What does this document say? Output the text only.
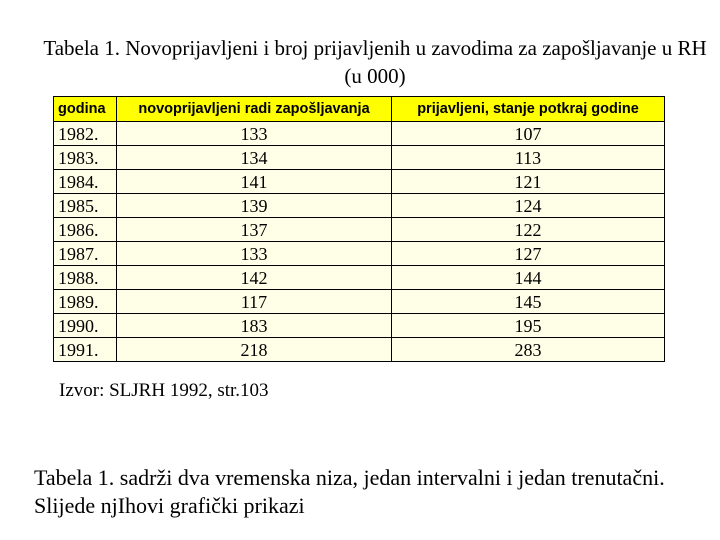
Tabela 1. Novoprijavljeni i broj prijavljenih u zavodima za zapošljavanje u RH
(u 000)
godina	novoprijavljeni radi zapošljavanja	prijavljeni, stanje potkraj godine
1982.	133	107
1983.	134	113
1984.	141	121
1985.	139	124
1986.	137	122
1987.	133	127
1988.	142	144
1989.	117	145
1990.	183	195
1991.	218	283

Izvor: SLJRH 1992, str.103

Tabela 1. sadrži dva vremenska niza, jedan intervalni i jedan trenutačni. Slijede njIhovi grafički prikazi
